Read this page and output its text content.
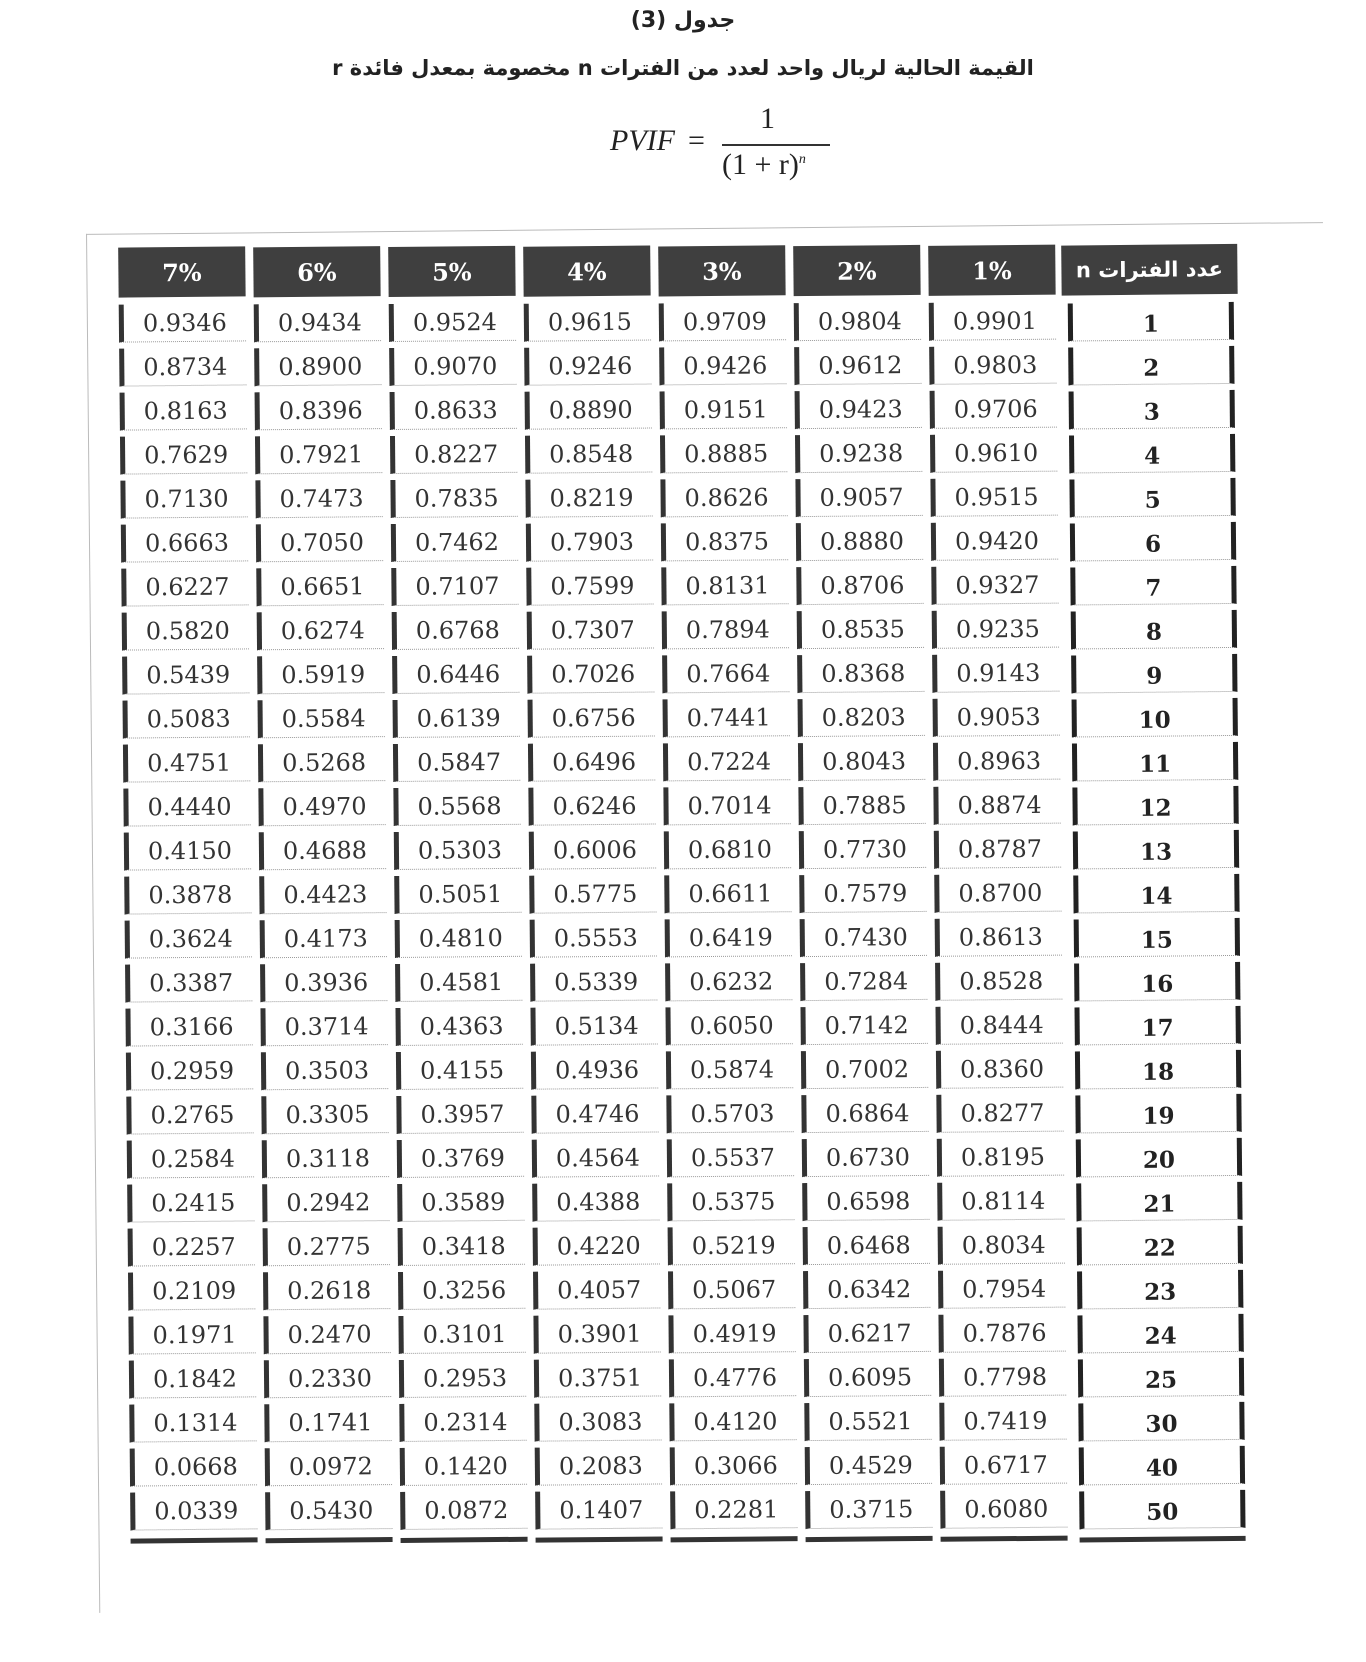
جدول (3)
القيمة الحالية لريال واحد لعدد من الفترات n مخصومة بمعدل فائدة r
PVIF =
1
$(1 + r)^n$
عدد الفترات n
1%
2%
3%
4%
5%
6%
7%
1
0.9901
0.9804
0.9709
0.9615
0.9524
0.9434
0.9346
2
0.9803
0.9612
0.9426
0.9246
0.9070
0.8900
0.8734
3
0.9706
0.9423
0.9151
0.8890
0.8633
0.8396
0.8163
4
0.9610
0.9238
0.8885
0.8548
0.8227
0.7921
0.7629
5
0.9515
0.9057
0.8626
0.8219
0.7835
0.7473
0.7130
6
0.9420
0.8880
0.8375
0.7903
0.7462
0.7050
0.6663
7
0.9327
0.8706
0.8131
0.7599
0.7107
0.6651
0.6227
8
0.9235
0.8535
0.7894
0.7307
0.6768
0.6274
0.5820
9
0.9143
0.8368
0.7664
0.7026
0.6446
0.5919
0.5439
10
0.9053
0.8203
0.7441
0.6756
0.6139
0.5584
0.5083
11
0.8963
0.8043
0.7224
0.6496
0.5847
0.5268
0.4751
12
0.8874
0.7885
0.7014
0.6246
0.5568
0.4970
0.4440
13
0.8787
0.7730
0.6810
0.6006
0.5303
0.4688
0.4150
14
0.8700
0.7579
0.6611
0.5775
0.5051
0.4423
0.3878
15
0.8613
0.7430
0.6419
0.5553
0.4810
0.4173
0.3624
16
0.8528
0.7284
0.6232
0.5339
0.4581
0.3936
0.3387
17
0.8444
0.7142
0.6050
0.5134
0.4363
0.3714
0.3166
18
0.8360
0.7002
0.5874
0.4936
0.4155
0.3503
0.2959
19
0.8277
0.6864
0.5703
0.4746
0.3957
0.3305
0.2765
20
0.8195
0.6730
0.5537
0.4564
0.3769
0.3118
0.2584
21
0.8114
0.6598
0.5375
0.4388
0.3589
0.2942
0.2415
22
0.8034
0.6468
0.5219
0.4220
0.3418
0.2775
0.2257
23
0.7954
0.6342
0.5067
0.4057
0.3256
0.2618
0.2109
24
0.7876
0.6217
0.4919
0.3901
0.3101
0.2470
0.1971
25
0.7798
0.6095
0.4776
0.3751
0.2953
0.2330
0.1842
30
0.7419
0.5521
0.4120
0.3083
0.2314
0.1741
0.1314
40
0.6717
0.4529
0.3066
0.2083
0.1420
0.0972
0.0668
50
0.6080
0.3715
0.2281
0.1407
0.0872
0.5430
0.0339
